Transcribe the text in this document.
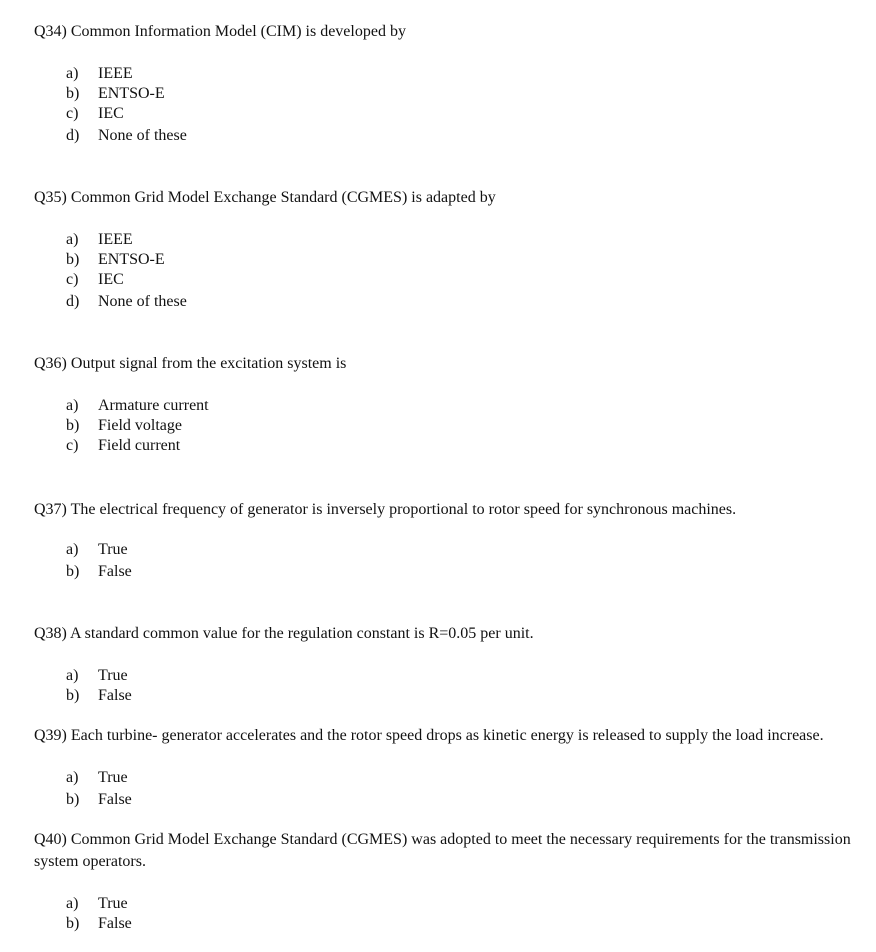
Q34) Common Information Model (CIM) is developed by
a) IEEE
b) ENTSO-E
c) IEC
d) None of these
Q35) Common Grid Model Exchange Standard (CGMES) is adapted by
a) IEEE
b) ENTSO-E
c) IEC
d) None of these
Q36) Output signal from the excitation system is
a) Armature current
b) Field voltage
c) Field current
Q37) The electrical frequency of generator is inversely proportional to rotor speed for synchronous machines.
a) True
b) False
Q38) A standard common value for the regulation constant is R=0.05 per unit.
a) True
b) False
Q39) Each turbine- generator accelerates and the rotor speed drops as kinetic energy is released to supply the load increase.
a) True
b) False
Q40) Common Grid Model Exchange Standard (CGMES) was adopted to meet the necessary requirements for the transmission system operators.
a) True
b) False
